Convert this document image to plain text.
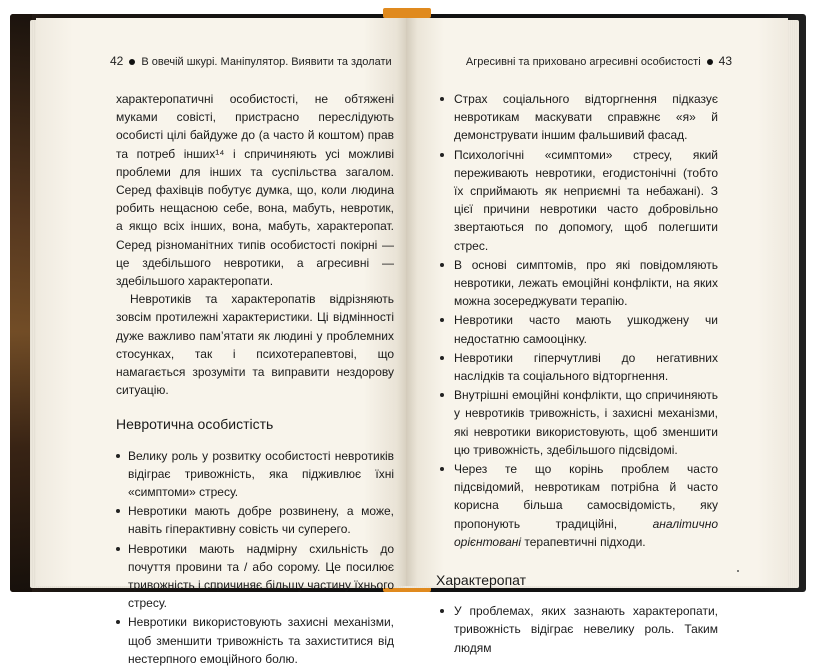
42 В овечій шкурі. Маніпулятор. Виявити та здолати

характеропатичні особистості, не обтяжені муками совісті, пристрасно переслідують особисті цілі байдуже до (а часто й коштом) прав та потреб інших¹⁴ і спричиняють усі можливі проблеми для інших та суспільства загалом. Серед фахівців побутує думка, що, коли людина робить нещасною себе, вона, мабуть, невротик, а якщо всіх інших, вона, мабуть, характеропат. Серед різноманітних типів особистості покірні — це здебільшого невротики, а агресивні — здебільшого характеропати.

Невротиків та характеропатів відрізняють зовсім протилежні характеристики. Ці відмінності дуже важливо пам’ятати як людині у проблемних стосунках, так і психотерапевтові, що намагається зрозуміти та виправити нездорову ситуацію.

Невротична особистість
Велику роль у розвитку особистості невротиків відіграє тривожність, яка підживлює їхні «симптоми» стресу.
Невротики мають добре розвинену, а може, навіть гіперактивну совість чи суперего.
Невротики мають надмірну схильність до почуття провини та / або сорому. Це посилює тривожність і спричиняє більшу частину їхнього стресу.
Невротики використовують захисні механізми, щоб зменшити тривожність та захиститися від нестерпного емоційного болю.
Агресивні та приховано агресивні особистості 43
Страх соціального відторгнення підказує невротикам маскувати справжнє «я» й демонструвати іншим фальшивий фасад.
Психологічні «симптоми» стресу, який переживають невротики, егодистонічні (тобто їх сприймають як неприємні та небажані). З цієї причини невротики часто добровільно звертаються по допомогу, щоб полегшити стрес.
В основі симптомів, про які повідомляють невротики, лежать емоційні конфлікти, на яких можна зосереджувати терапію.
Невротики часто мають ушкоджену чи недостатню самооцінку.
Невротики гіперчутливі до негативних наслідків та соціального відторгнення.
Внутрішні емоційні конфлікти, що спричиняють у невротиків тривожність, і захисні механізми, які невротики використовують, щоб зменшити цю тривожність, здебільшого підсвідомі.
Через те що корінь проблем часто підсвідомий, невротикам потрібна й часто корисна більша самосвідомість, яку пропонують традиційні, аналітично орієнтовані терапевтичні підходи.
Характеропат
У проблемах, яких зазнають характеропати, тривожність відіграє невелику роль. Таким людям
